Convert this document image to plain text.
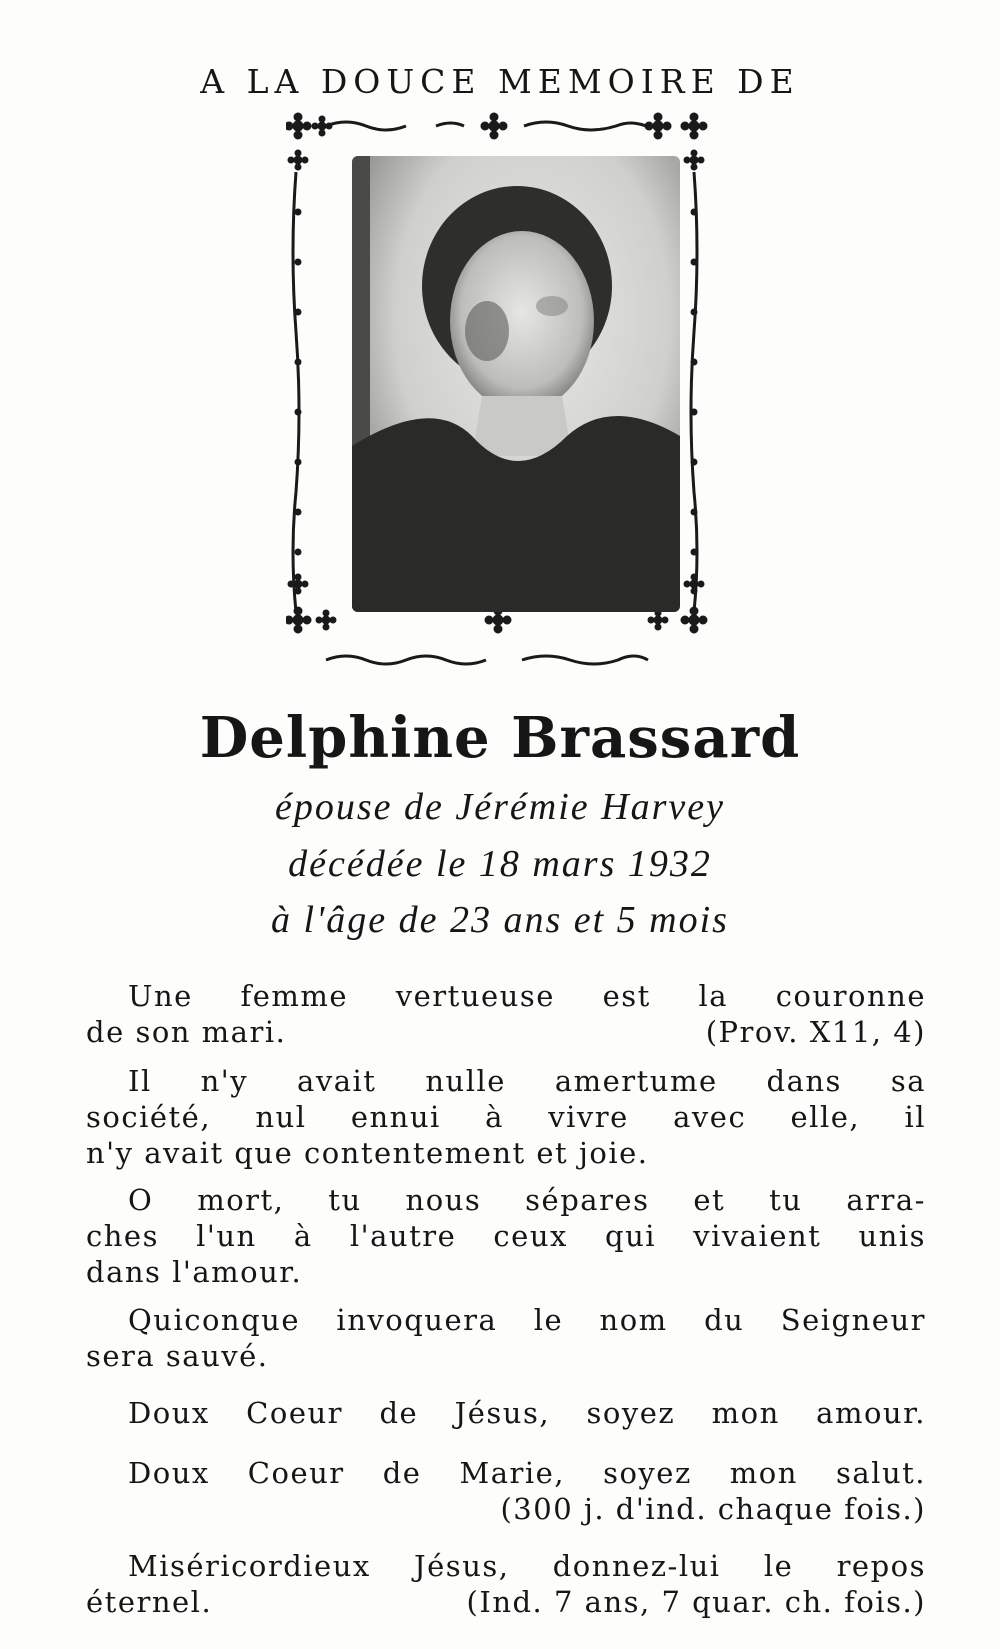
A LA DOUCE MEMOIRE DE
Delphine Brassard
épouse de Jérémie Harvey
décédée le 18 mars 1932
à l'âge de 23 ans et 5 mois
Une femme vertueuse est la couronne
de son mari.	(Prov. X11, 4)
Il n'y avait nulle amertume dans sa
société, nul ennui à vivre avec elle, il
n'y avait que contentement et joie.
O mort, tu nous sépares et tu arra-
ches l'un à l'autre ceux qui vivaient unis
dans l'amour.
Quiconque invoquera le nom du Seigneur
sera sauvé.
Doux Coeur de Jésus, soyez mon amour.
Doux Coeur de Marie, soyez mon salut.
(300 j. d'ind. chaque fois.)
Miséricordieux Jésus, donnez-lui le repos
éternel.	(Ind. 7 ans, 7 quar. ch. fois.)
